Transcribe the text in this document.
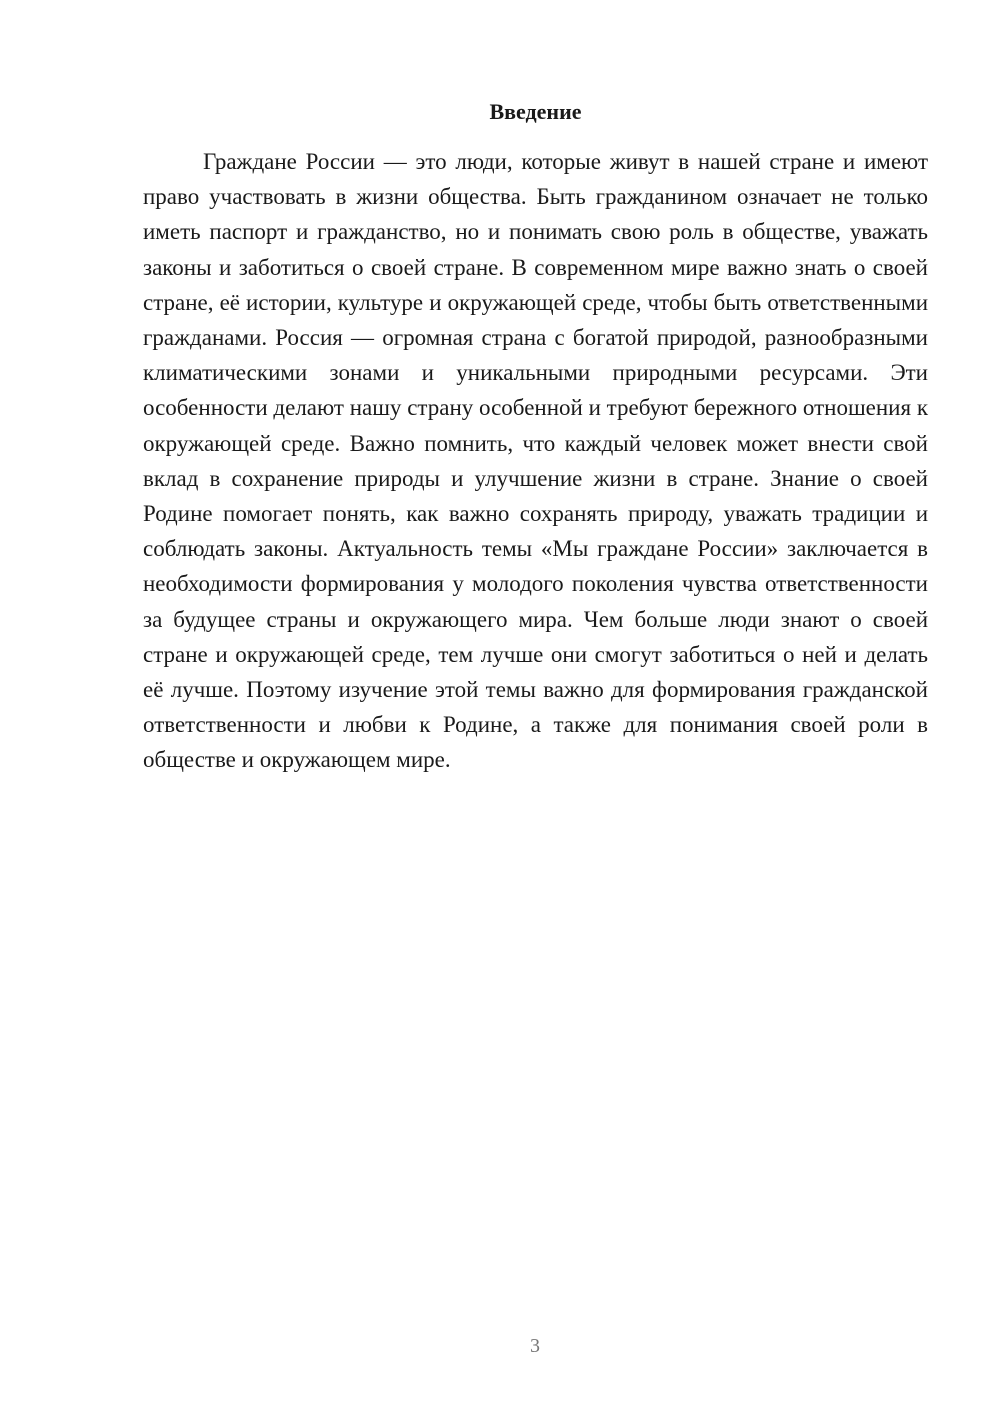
Введение

Граждане России — это люди, которые живут в нашей стране и имеют право участвовать в жизни общества. Быть гражданином означает не только иметь паспорт и гражданство, но и понимать свою роль в обществе, уважать законы и заботиться о своей стране. В современном мире важно знать о своей стране, её истории, культуре и окружающей среде, чтобы быть ответственными гражданами. Россия — огромная страна с богатой природой, разнообразными климатическими зонами и уникальными природными ресурсами. Эти особенности делают нашу страну особенной и требуют бережного отношения к окружающей среде. Важно помнить, что каждый человек может внести свой вклад в сохранение природы и улучшение жизни в стране. Знание о своей Родине помогает понять, как важно сохранять природу, уважать традиции и соблюдать законы. Актуальность темы «Мы граждане России» заключается в необходимости формирования у молодого поколения чувства ответственности за будущее страны и окружающего мира. Чем больше люди знают о своей стране и окружающей среде, тем лучше они смогут заботиться о ней и делать её лучше. Поэтому изучение этой темы важно для формирования гражданской ответственности и любви к Родине, а также для понимания своей роли в обществе и окружающем мире.

3
